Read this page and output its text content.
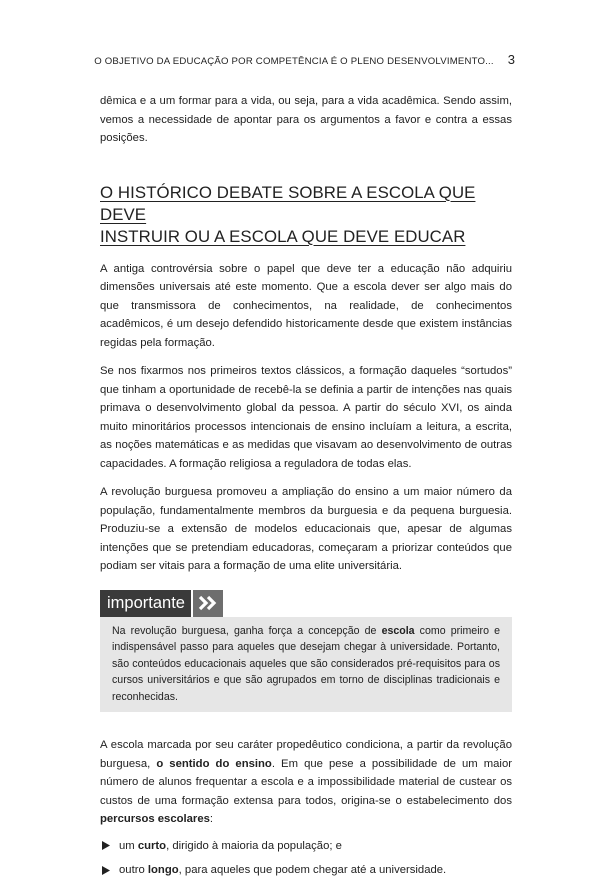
O OBJETIVO DA EDUCAÇÃO POR COMPETÊNCIA É O PLENO DESENVOLVIMENTO... 3

dêmica e a um formar para a vida, ou seja, para a vida acadêmica. Sendo assim, vemos a necessidade de apontar para os argumentos a favor e contra a essas posições.

O HISTÓRICO DEBATE SOBRE A ESCOLA QUE DEVE
INSTRUIR OU A ESCOLA QUE DEVE EDUCAR

A antiga controvérsia sobre o papel que deve ter a educação não adquiriu dimensões universais até este momento. Que a escola dever ser algo mais do que transmissora de conhecimentos, na realidade, de conhecimentos acadêmicos, é um desejo defendido historicamente desde que existem instâncias regidas pela formação.

Se nos fixarmos nos primeiros textos clássicos, a formação daqueles “sortudos” que tinham a oportunidade de recebê-la se definia a partir de intenções nas quais primava o desenvolvimento global da pessoa. A partir do século XVI, os ainda muito minoritários processos intencionais de ensino incluíam a leitura, a escrita, as noções matemáticas e as medidas que visavam ao desenvolvimento de outras capacidades. A formação religiosa a reguladora de todas elas.

A revolução burguesa promoveu a ampliação do ensino a um maior número da população, fundamentalmente membros da burguesia e da pequena burguesia. Produziu-se a extensão de modelos educacionais que, apesar de algumas intenções que se pretendiam educadoras, começaram a priorizar conteúdos que podiam ser vitais para a formação de uma elite universitária.

importante

Na revolução burguesa, ganha força a concepção de escola como primeiro e indispensável passo para aqueles que desejam chegar à universidade. Portanto, são conteúdos educacionais aqueles que são considerados pré-requisitos para os cursos universitários e que são agrupados em torno de disciplinas tradicionais e reconhecidas.

A escola marcada por seu caráter propedêutico condiciona, a partir da revolução burguesa, o sentido do ensino. Em que pese a possibilidade de um maior número de alunos frequentar a escola e a impossibilidade material de custear os custos de uma formação extensa para todos, origina-se o estabelecimento dos percursos escolares:

um curto, dirigido à maioria da população; e
outro longo, para aqueles que podem chegar até a universidade.
